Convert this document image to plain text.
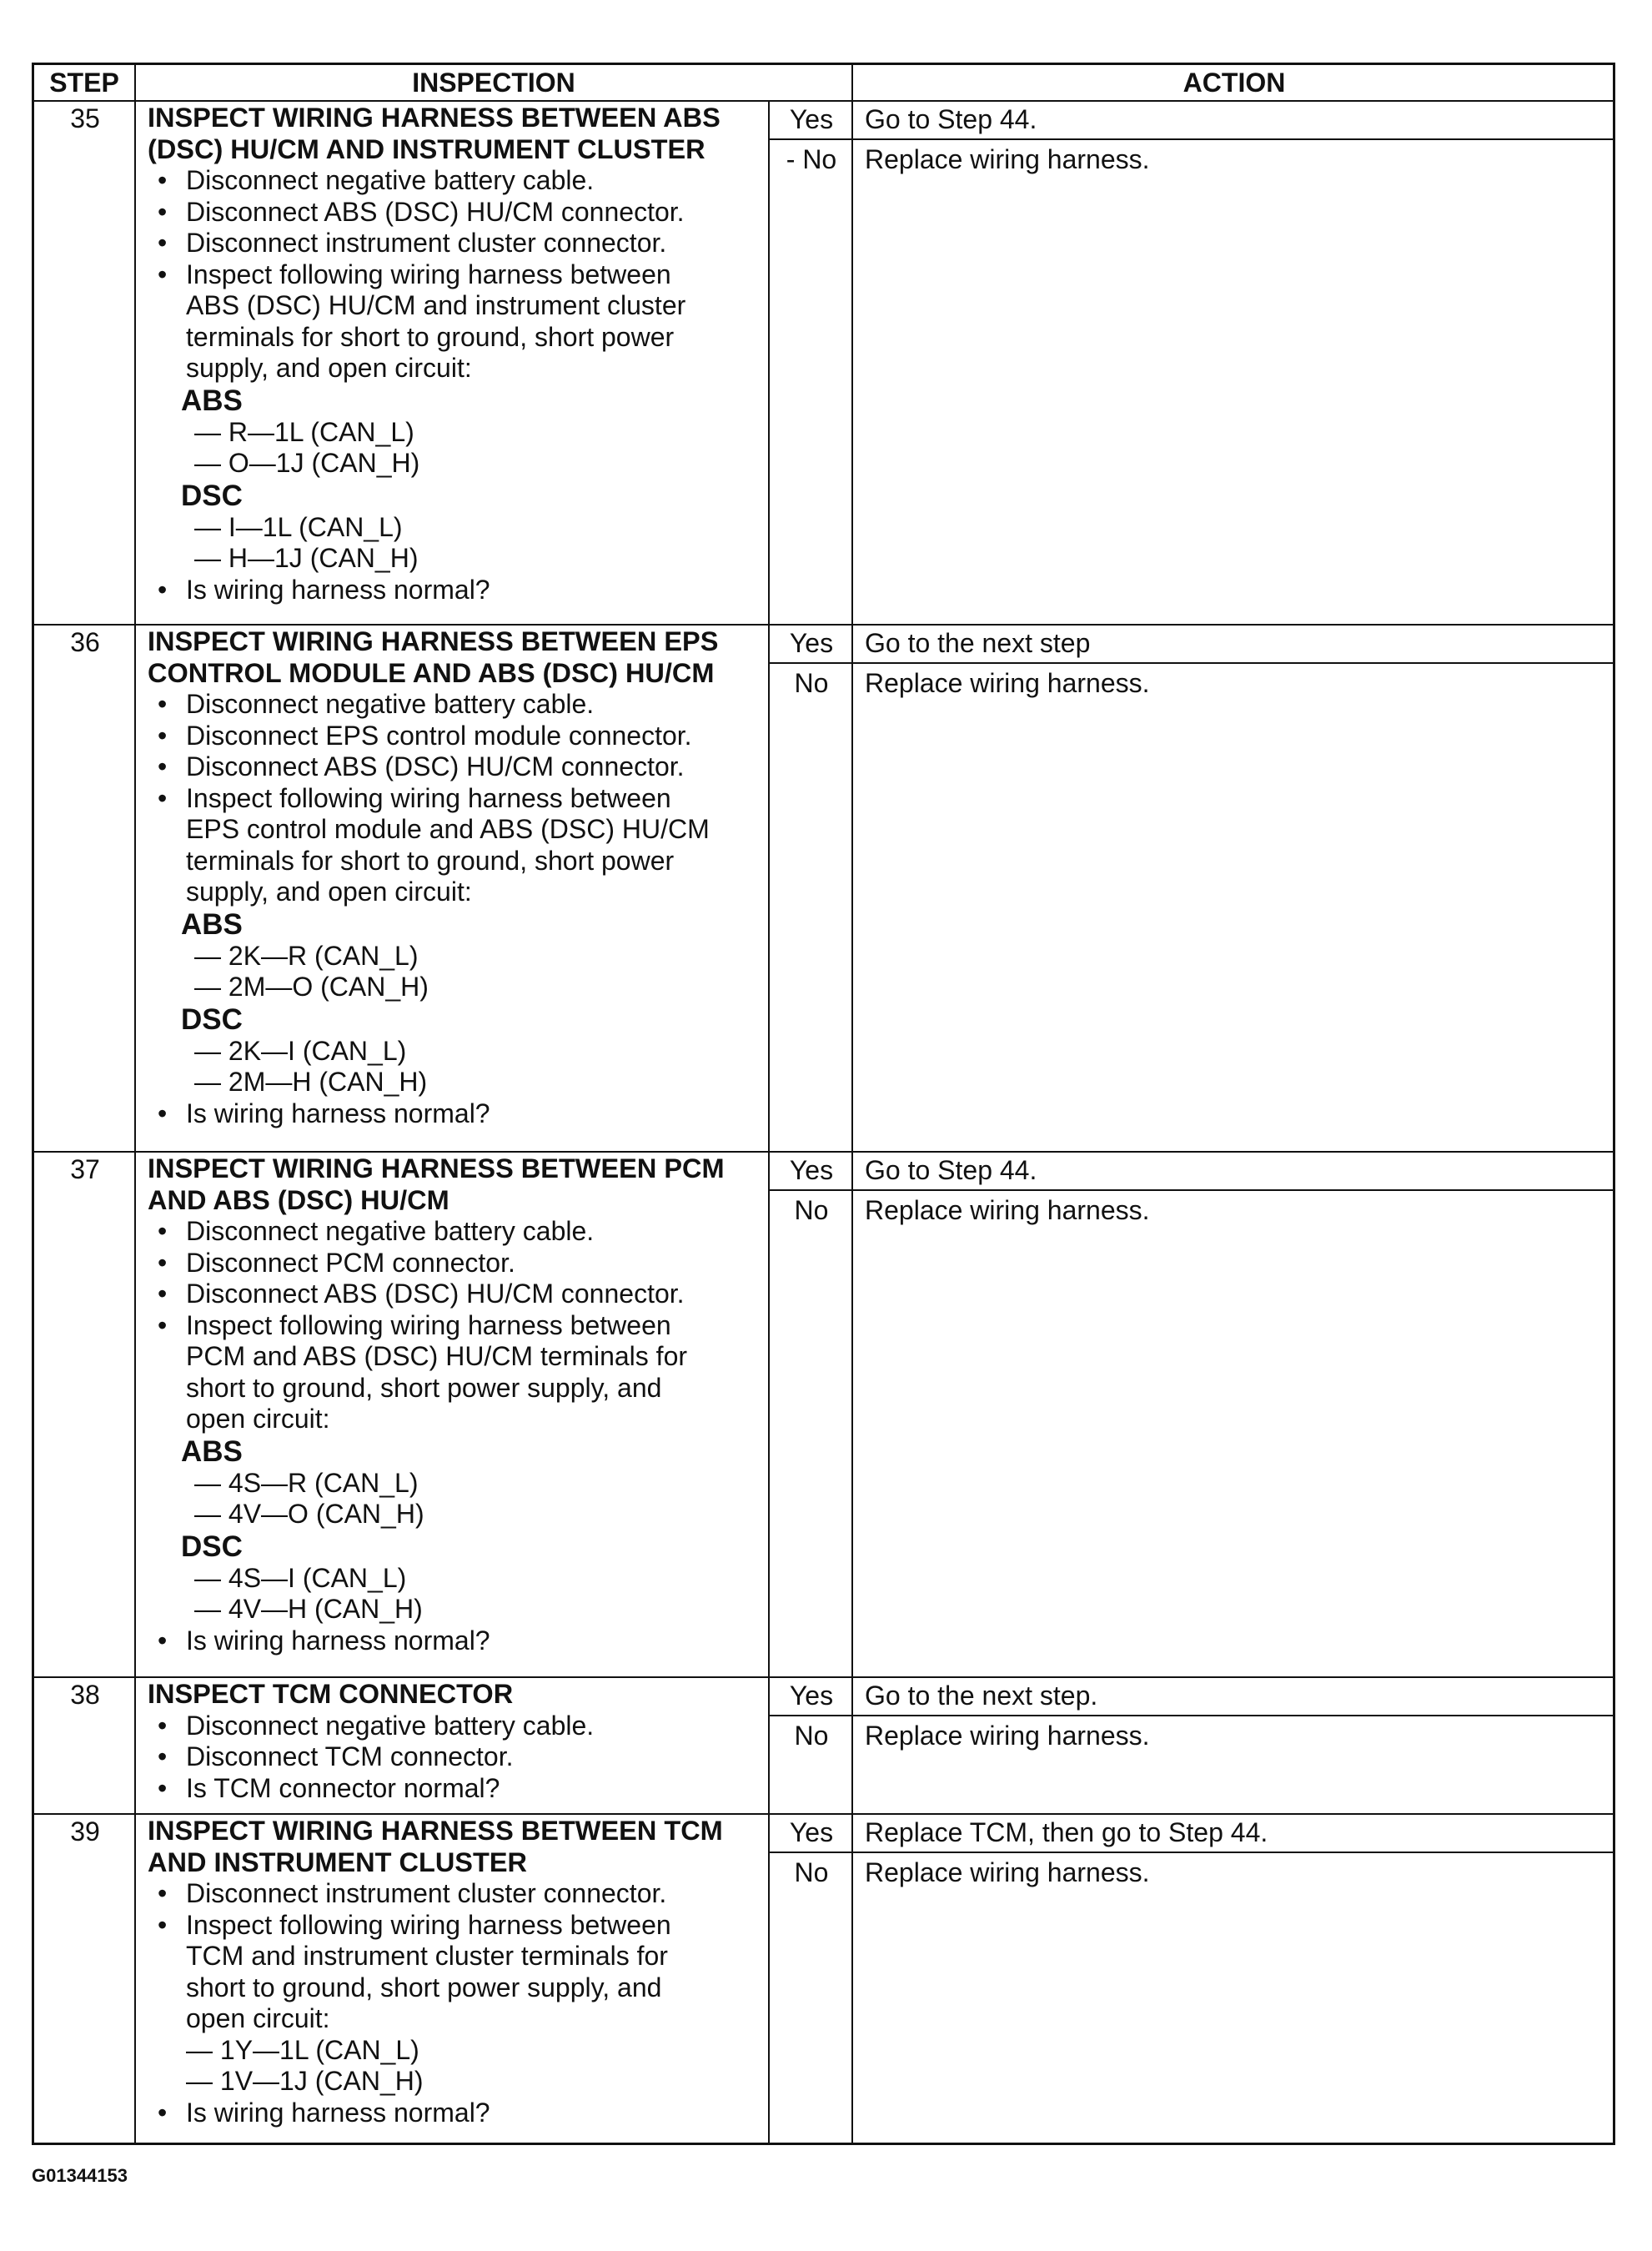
STEP	INSPECTION	ACTION
35	INSPECT WIRING HARNESS BETWEEN ABS
(DSC) HU/CM AND INSTRUMENT CLUSTER
• Disconnect negative battery cable.
• Disconnect ABS (DSC) HU/CM connector.
• Disconnect instrument cluster connector.
• Inspect following wiring harness between
ABS (DSC) HU/CM and instrument cluster
terminals for short to ground, short power
supply, and open circuit:
ABS
— R—1L (CAN_L)
— O—1J (CAN_H)
DSC
— I—1L (CAN_L)
— H—1J (CAN_H)
• Is wiring harness normal?
Yes	Go to Step 44.
- No	Replace wiring harness.
36	INSPECT WIRING HARNESS BETWEEN EPS
CONTROL MODULE AND ABS (DSC) HU/CM
• Disconnect negative battery cable.
• Disconnect EPS control module connector.
• Disconnect ABS (DSC) HU/CM connector.
• Inspect following wiring harness between
EPS control module and ABS (DSC) HU/CM
terminals for short to ground, short power
supply, and open circuit:
ABS
— 2K—R (CAN_L)
— 2M—O (CAN_H)
DSC
— 2K—I (CAN_L)
— 2M—H (CAN_H)
• Is wiring harness normal?
Yes	Go to the next step
No	Replace wiring harness.
37	INSPECT WIRING HARNESS BETWEEN PCM
AND ABS (DSC) HU/CM
• Disconnect negative battery cable.
• Disconnect PCM connector.
• Disconnect ABS (DSC) HU/CM connector.
• Inspect following wiring harness between
PCM and ABS (DSC) HU/CM terminals for
short to ground, short power supply, and
open circuit:
ABS
— 4S—R (CAN_L)
— 4V—O (CAN_H)
DSC
— 4S—I (CAN_L)
— 4V—H (CAN_H)
• Is wiring harness normal?
Yes	Go to Step 44.
No	Replace wiring harness.
38	INSPECT TCM CONNECTOR
• Disconnect negative battery cable.
• Disconnect TCM connector.
• Is TCM connector normal?
Yes	Go to the next step.
No	Replace wiring harness.
39	INSPECT WIRING HARNESS BETWEEN TCM
AND INSTRUMENT CLUSTER
• Disconnect instrument cluster connector.
• Inspect following wiring harness between
TCM and instrument cluster terminals for
short to ground, short power supply, and
open circuit:
— 1Y—1L (CAN_L)
— 1V—1J (CAN_H)
• Is wiring harness normal?
Yes	Replace TCM, then go to Step 44.
No	Replace wiring harness.
G01344153
